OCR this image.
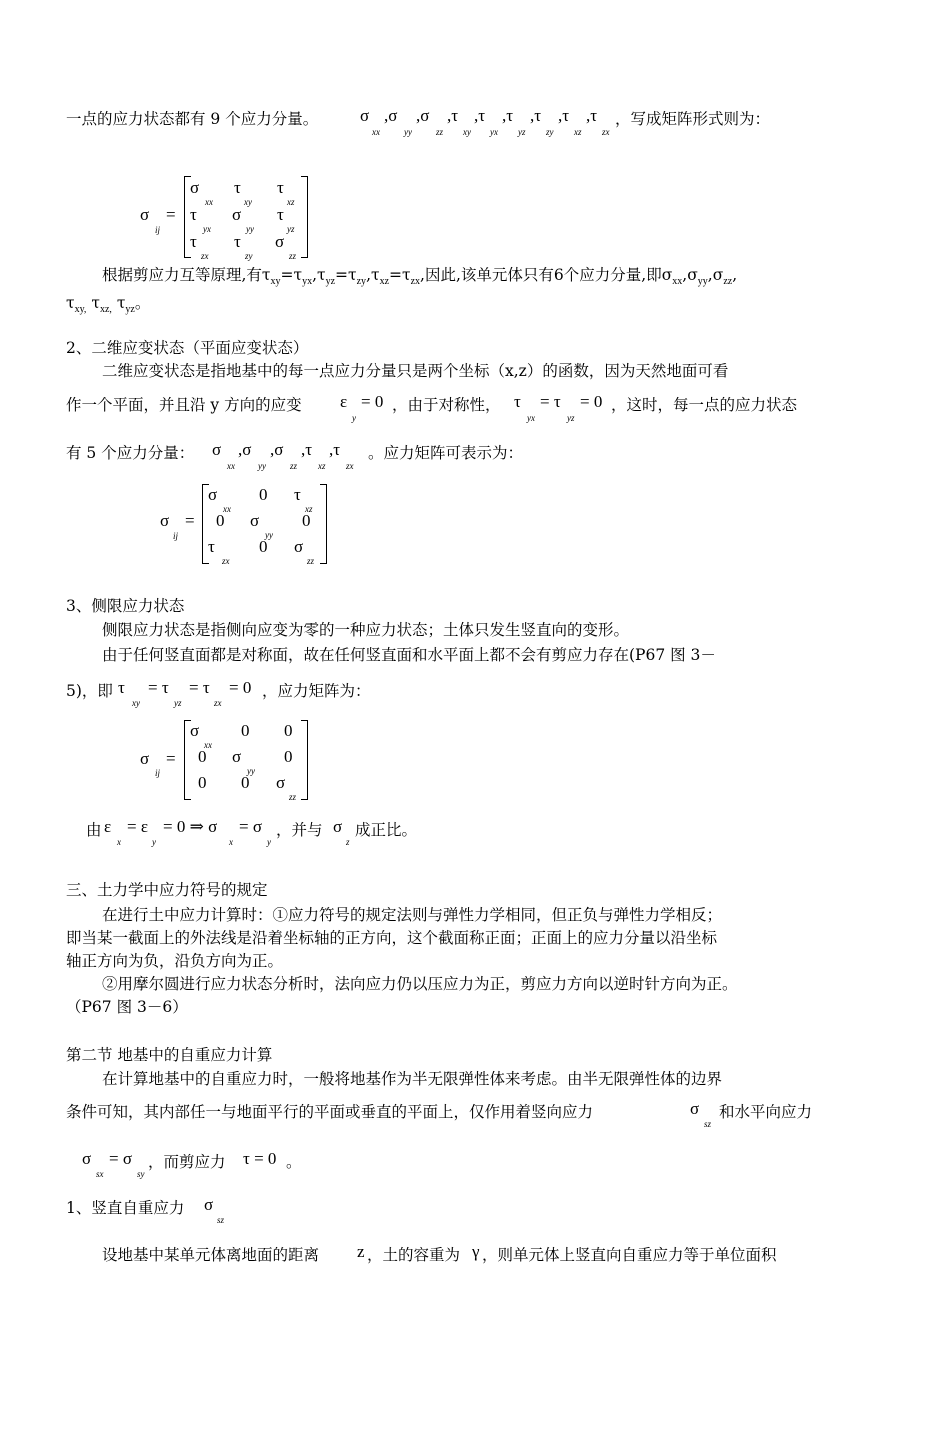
一点的应力状态都有 9 个应力分量。 σ
xx
,σ
yy
,σ
zz
,τ
xy
,τ
yx
,τ
yz
,τ
zy
,τ
xz
,τ
zx
，写成矩阵形式则为：
σ
ij
=
σ τ τ
xx	xy	xz
τ σ τ
yx	yy	yz
τ τ σ
zx	zy	zz
根据剪应力互等原理,有$\tau_{xy}=\tau_{yx},\tau_{yz}=\tau_{zy},\tau_{xz}=\tau_{zx}$,因此,该单元体只有6个应力分量,即$\sigma_{xx},\sigma_{yy},\sigma_{zz}$,
$\tau_{xy,}$ $\tau_{xz,}$ $\tau_{yz}$。
2、二维应变状态（平面应变状态）
二维应变状态是指地基中的每一点应力分量只是两个坐标（x,z）的函数，因为天然地面可看
作一个平面，并且沿 y 方向的应变 ε
y
= 0 ，由于对称性， τ
yx
= τ
yz
= 0 ，这时，每一点的应力状态
有 5 个应力分量： σ
xx
,σ
yy
,σ
zz
,τ
xz
,τ
zx
。应力矩阵可表示为：
σ
ij
=
σ 0 τ
xx	xz
0 σ	0
yy
τ	0 σ
zx	zz
3、侧限应力状态
侧限应力状态是指侧向应变为零的一种应力状态；土体只发生竖直向的变形。
由于任何竖直面都是对称面，故在任何竖直面和水平面上都不会有剪应力存在(P67 图 3－
5)，即 τ
xy
= τ
yz
= τ
zx
= 0 ，应力矩阵为：
σ
ij
=
σ 0 0
xx
0 σ	0
yy
0 0 σ
zz
由 ε
x
= ε
y
= 0 ⇒ σ
x
= σ
y
，并与 σ
z
成正比。
三、土力学中应力符号的规定
在进行土中应力计算时：①应力符号的规定法则与弹性力学相同，但正负与弹性力学相反；
即当某一截面上的外法线是沿着坐标轴的正方向，这个截面称正面；正面上的应力分量以沿坐标
轴正方向为负，沿负方向为正。
②用摩尔圆进行应力状态分析时，法向应力仍以压应力为正，剪应力方向以逆时针方向为正。
（P67 图 3－6）
第二节 地基中的自重应力计算
在计算地基中的自重应力时，一般将地基作为半无限弹性体来考虑。由半无限弹性体的边界
条件可知，其内部任一与地面平行的平面或垂直的平面上，仅作用着竖向应力	σ
sz
和水平向应力
σ
sx
= σ
sy
，而剪应力 τ = 0 。
1、竖直自重应力 σ
sz
设地基中某单元体离地面的距离 z ，土的容重为 γ ，则单元体上竖直向自重应力等于单位面积
